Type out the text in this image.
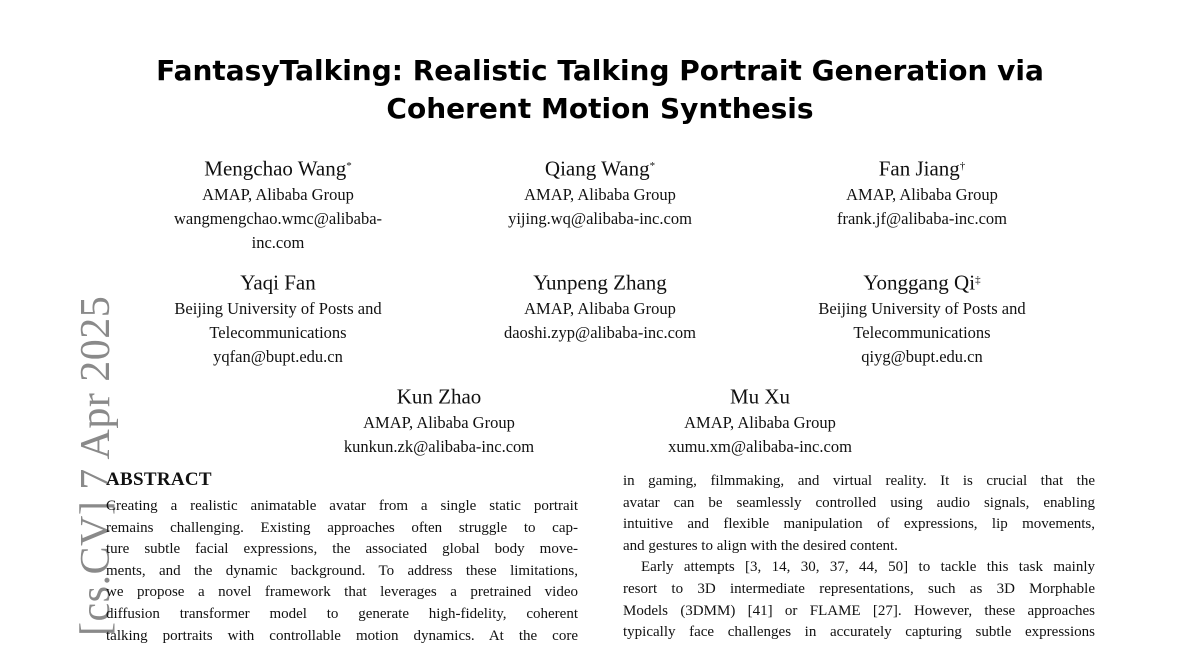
[cs.CV] 7 Apr 2025
FantasyTalking: Realistic Talking Portrait Generation via
Coherent Motion Synthesis
Mengchao Wang*
AMAP, Alibaba Group
wangmengchao.wmc@alibaba-
inc.com
Qiang Wang*
AMAP, Alibaba Group
yijing.wq@alibaba-inc.com
Fan Jiang†
AMAP, Alibaba Group
frank.jf@alibaba-inc.com
Yaqi Fan
Beijing University of Posts and
Telecommunications
yqfan@bupt.edu.cn
Yunpeng Zhang
AMAP, Alibaba Group
daoshi.zyp@alibaba-inc.com
Yonggang Qi‡
Beijing University of Posts and
Telecommunications
qiyg@bupt.edu.cn
Kun Zhao
AMAP, Alibaba Group
kunkun.zk@alibaba-inc.com
Mu Xu
AMAP, Alibaba Group
xumu.xm@alibaba-inc.com
ABSTRACT
Creating a realistic animatable avatar from a single static portrait
remains challenging. Existing approaches often struggle to cap-
ture subtle facial expressions, the associated global body move-
ments, and the dynamic background. To address these limitations,
we propose a novel framework that leverages a pretrained video
diffusion transformer model to generate high-fidelity, coherent
talking portraits with controllable motion dynamics. At the core
in gaming, filmmaking, and virtual reality. It is crucial that the
avatar can be seamlessly controlled using audio signals, enabling
intuitive and flexible manipulation of expressions, lip movements,
and gestures to align with the desired content.
Early attempts [3, 14, 30, 37, 44, 50] to tackle this task mainly
resort to 3D intermediate representations, such as 3D Morphable
Models (3DMM) [41] or FLAME [27]. However, these approaches
typically face challenges in accurately capturing subtle expressions
